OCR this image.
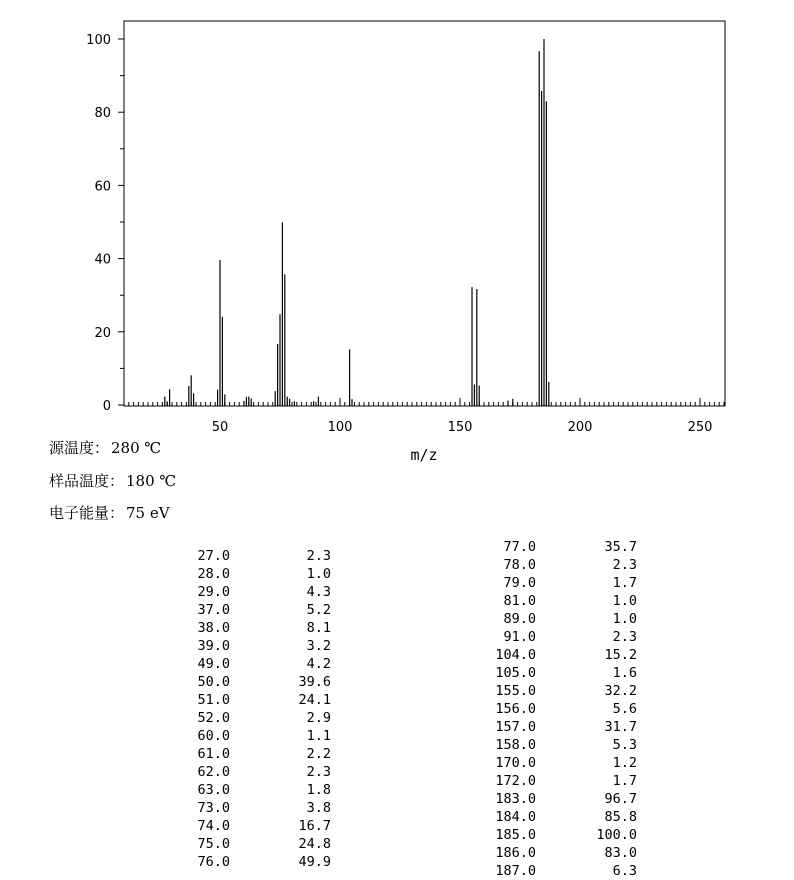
50	100	150	200	250
0
20
40
60
80
100
m/z
源温度： 280 ℃
样品温度： 180 ℃
电子能量： 75 eV
27.0	2.3
28.0	1.0
29.0	4.3
37.0	5.2
38.0	8.1
39.0	3.2
49.0	4.2
50.0	39.6
51.0	24.1
52.0	2.9
60.0	1.1
61.0	2.2
62.0	2.3
63.0	1.8
73.0	3.8
74.0	16.7
75.0	24.8
76.0	49.9
77.0	35.7
78.0	2.3
79.0	1.7
81.0	1.0
89.0	1.0
91.0	2.3
104.0	15.2
105.0	1.6
155.0	32.2
156.0	5.6
157.0	31.7
158.0	5.3
170.0	1.2
172.0	1.7
183.0	96.7
184.0	85.8
185.0	100.0
186.0	83.0
187.0	6.3
